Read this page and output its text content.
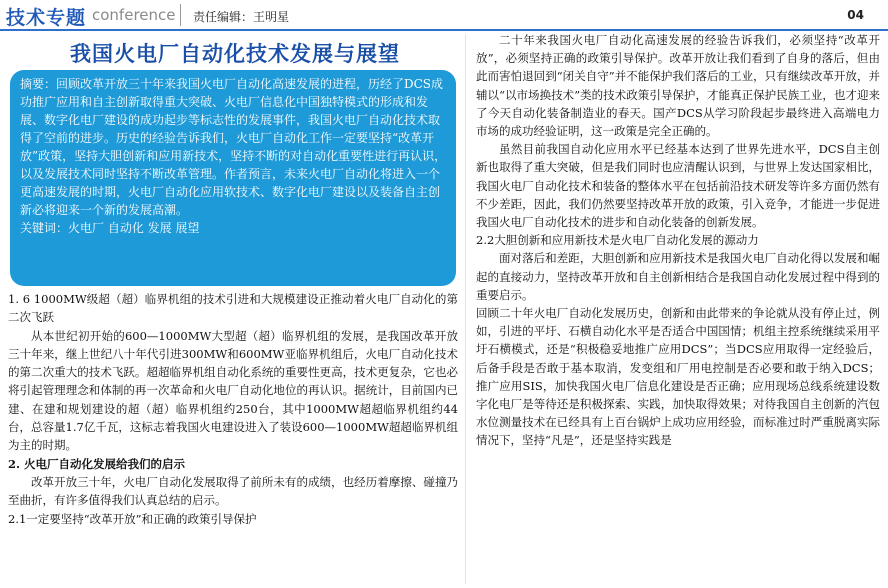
技术专题 conference 责任编辑：王明星	04
我国火电厂自动化技术发展与展望

摘要：回顾改革开放三十年来我国火电厂自动化高速发展的进程，历经了DCS成功推广应用和自主创新取得重大突破、火电厂信息化中国独特模式的形成和发展、数字化电厂建设的成功起步等标志性的发展事件，我国火电厂自动化技术取得了空前的进步。历史的经验告诉我们，火电厂自动化工作一定要坚持“改革开放”政策，坚持大胆创新和应用新技术，坚持不断的对自动化重要性进行再认识，以及发展技术同时坚持不断改革管理。作者预言，未来火电厂自动化将进入一个更高速发展的时期，火电厂自动化应用软技术、数字化电厂建设以及装备自主创新必将迎来一个新的发展高潮。

关键词：火电厂 自动化 发展 展望

1. 6 1000MW级超（超）临界机组的技术引进和大规模建设正推动着火电厂自动化的第二次飞跃

从本世纪初开始的600—1000MW大型超（超）临界机组的发展，是我国改革开放三十年来，继上世纪八十年代引进300MW和600MW亚临界机组后，火电厂自动化技术的第二次重大的技术飞跃。超超临界机组自动化系统的重要性更高，技术更复杂，它也必将引起管理理念和体制的再一次革命和火电厂自动化地位的再认识。据统计，目前国内已建、在建和规划建设的超（超）临界机组约250台，其中1000MW超超临界机组约44台，总容量1.7亿千瓦，这标志着我国火电建设进入了装设600—1000MW超超临界机组为主的时期。

2. 火电厂自动化发展给我们的启示

改革开放三十年，火电厂自动化发展取得了前所未有的成绩，也经历着摩擦、碰撞乃至曲折，有许多值得我们认真总结的启示。

2.1一定要坚持“改革开放”和正确的政策引导保护

二十年来我国火电厂自动化高速发展的经验告诉我们，必须坚持“改革开放”，必须坚持正确的政策引导保护。改革开放让我们看到了自身的落后，但由此而害怕退回到“闭关自守”并不能保护我们落后的工业，只有继续改革开放，并辅以“以市场换技术”类的技术政策引导保护，才能真正保护民族工业，也才迎来了今天自动化装备制造业的春天。国产DCS从学习阶段起步最终进入高端电力市场的成功经验证明，这一政策是完全正确的。

虽然目前我国自动化应用水平已经基本达到了世界先进水平，DCS自主创新也取得了重大突破，但是我们同时也应清醒认识到，与世界上发达国家相比，我国火电厂自动化技术和装备的整体水平在包括前沿技术研发等许多方面仍然有不少差距，因此，我们仍然要坚持改革开放的政策，引入竞争，才能进一步促进我国火电厂自动化技术的进步和自动化装备的创新发展。

2.2大胆创新和应用新技术是火电厂自动化发展的源动力

面对落后和差距，大胆创新和应用新技术是我国火电厂自动化得以发展和崛起的直接动力，坚持改革开放和自主创新相结合是我国自动化发展过程中得到的重要启示。

回顾二十年火电厂自动化发展历史，创新和由此带来的争论就从没有停止过，例如，引进的平圩、石横自动化水平是否适合中国国情；机组主控系统继续采用平圩石横模式，还是“积极稳妥地推广应用DCS”；当DCS应用取得一定经验后，后备手段是否敢于基本取消，发变组和厂用电控制是否必要和敢于纳入DCS；推广应用SIS，加快我国火电厂信息化建设是否正确；应用现场总线系统建设数字化电厂是等待还是积极探索、实践，加快取得效果；对待我国自主创新的汽包水位测量技术在已经具有上百台锅炉上成功应用经验，而标准过时严重脱离实际情况下，坚持“凡是”，还是坚持实践是
